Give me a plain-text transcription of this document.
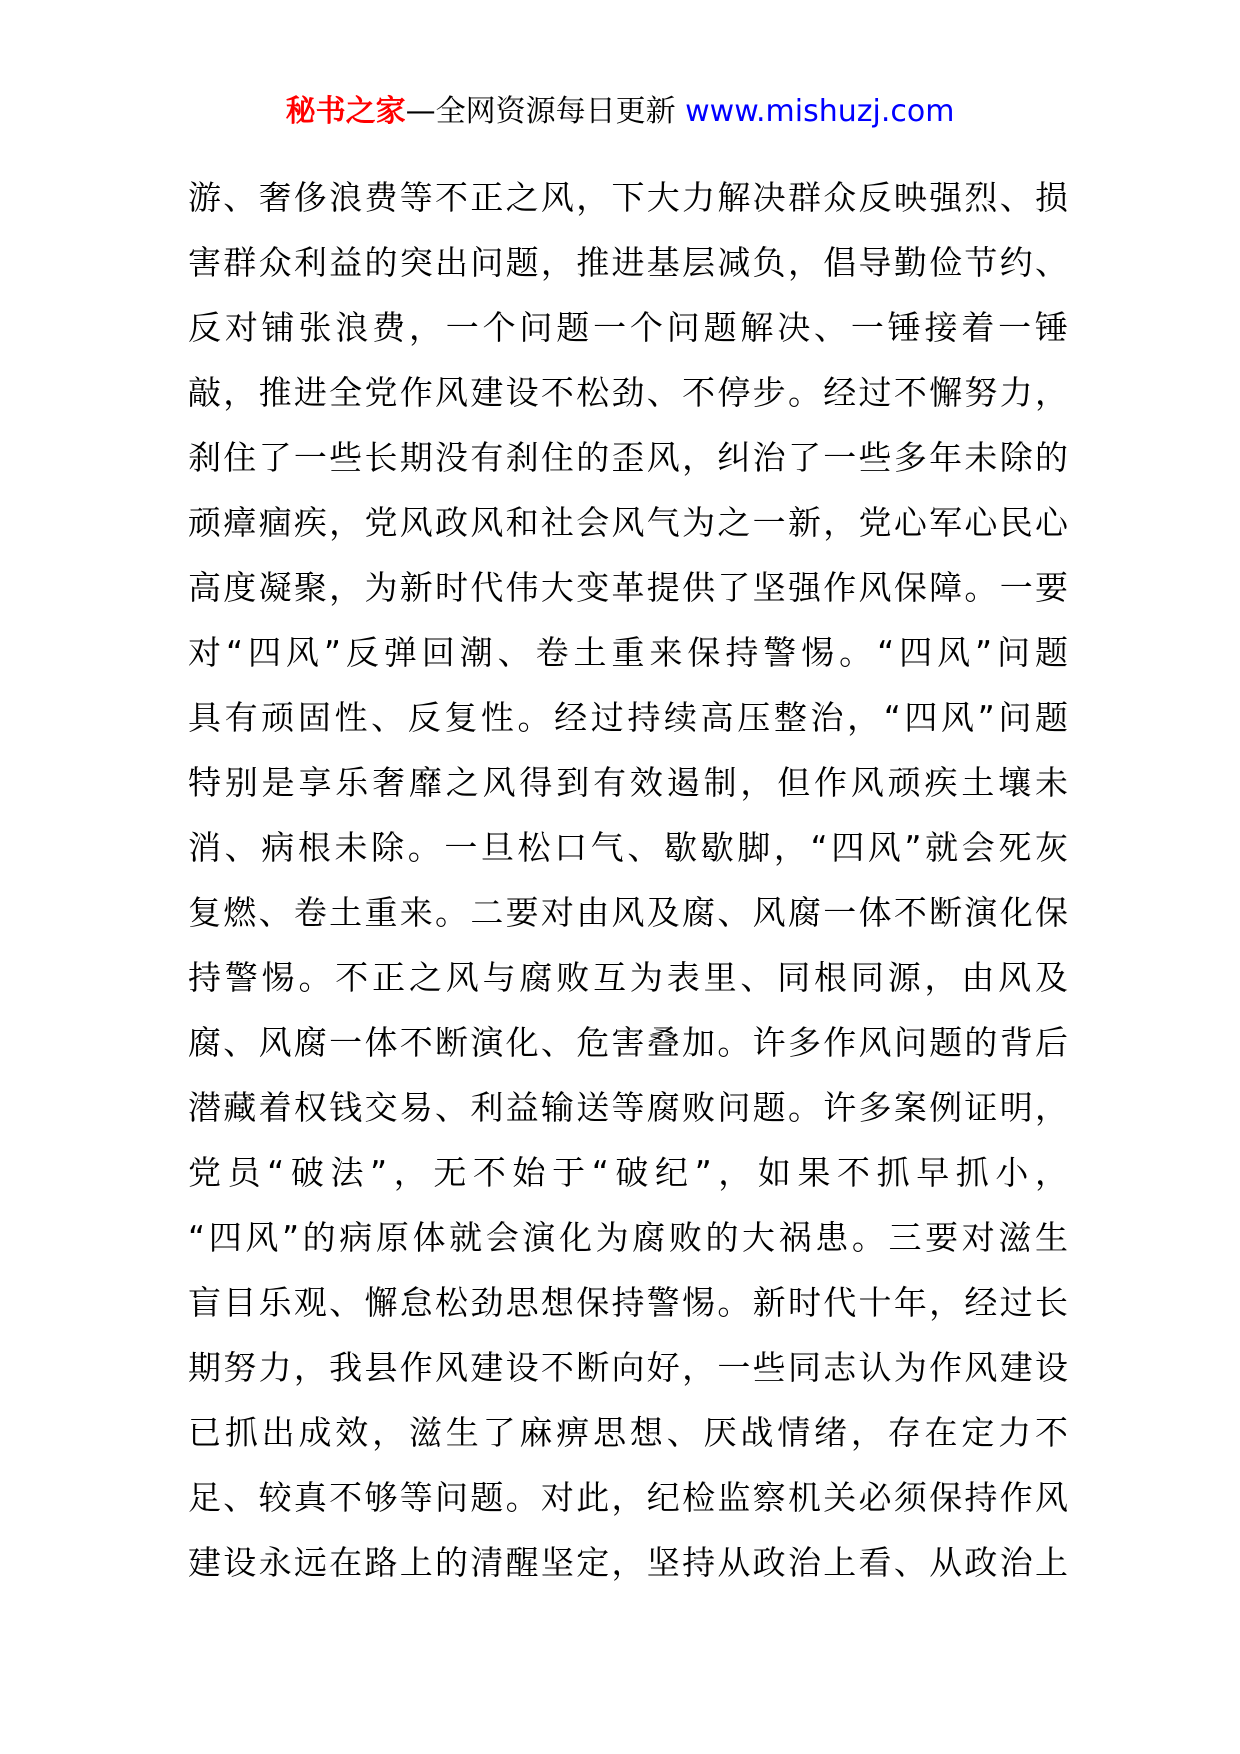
秘书之家—全网资源每日更新 www.mishuzj.com
游、奢侈浪费等不正之风，下大力解决群众反映强烈、损
害群众利益的突出问题，推进基层减负，倡导勤俭节约、
反对铺张浪费，一个问题一个问题解决、一锤接着一锤
敲，推进全党作风建设不松劲、不停步。经过不懈努力，
刹住了一些长期没有刹住的歪风，纠治了一些多年未除的
顽瘴痼疾，党风政风和社会风气为之一新，党心军心民心
高度凝聚，为新时代伟大变革提供了坚强作风保障。一要
对“四风”反弹回潮、卷土重来保持警惕。“四风”问题
具有顽固性、反复性。经过持续高压整治，“四风”问题
特别是享乐奢靡之风得到有效遏制，但作风顽疾土壤未
消、病根未除。一旦松口气、歇歇脚，“四风”就会死灰
复燃、卷土重来。二要对由风及腐、风腐一体不断演化保
持警惕。不正之风与腐败互为表里、同根同源，由风及
腐、风腐一体不断演化、危害叠加。许多作风问题的背后
潜藏着权钱交易、利益输送等腐败问题。许多案例证明，
党员“破法”，无不始于“破纪”，如果不抓早抓小，
“四风”的病原体就会演化为腐败的大祸患。三要对滋生
盲目乐观、懈怠松劲思想保持警惕。新时代十年，经过长
期努力，我县作风建设不断向好，一些同志认为作风建设
已抓出成效，滋生了麻痹思想、厌战情绪，存在定力不
足、较真不够等问题。对此，纪检监察机关必须保持作风
建设永远在路上的清醒坚定，坚持从政治上看、从政治上
